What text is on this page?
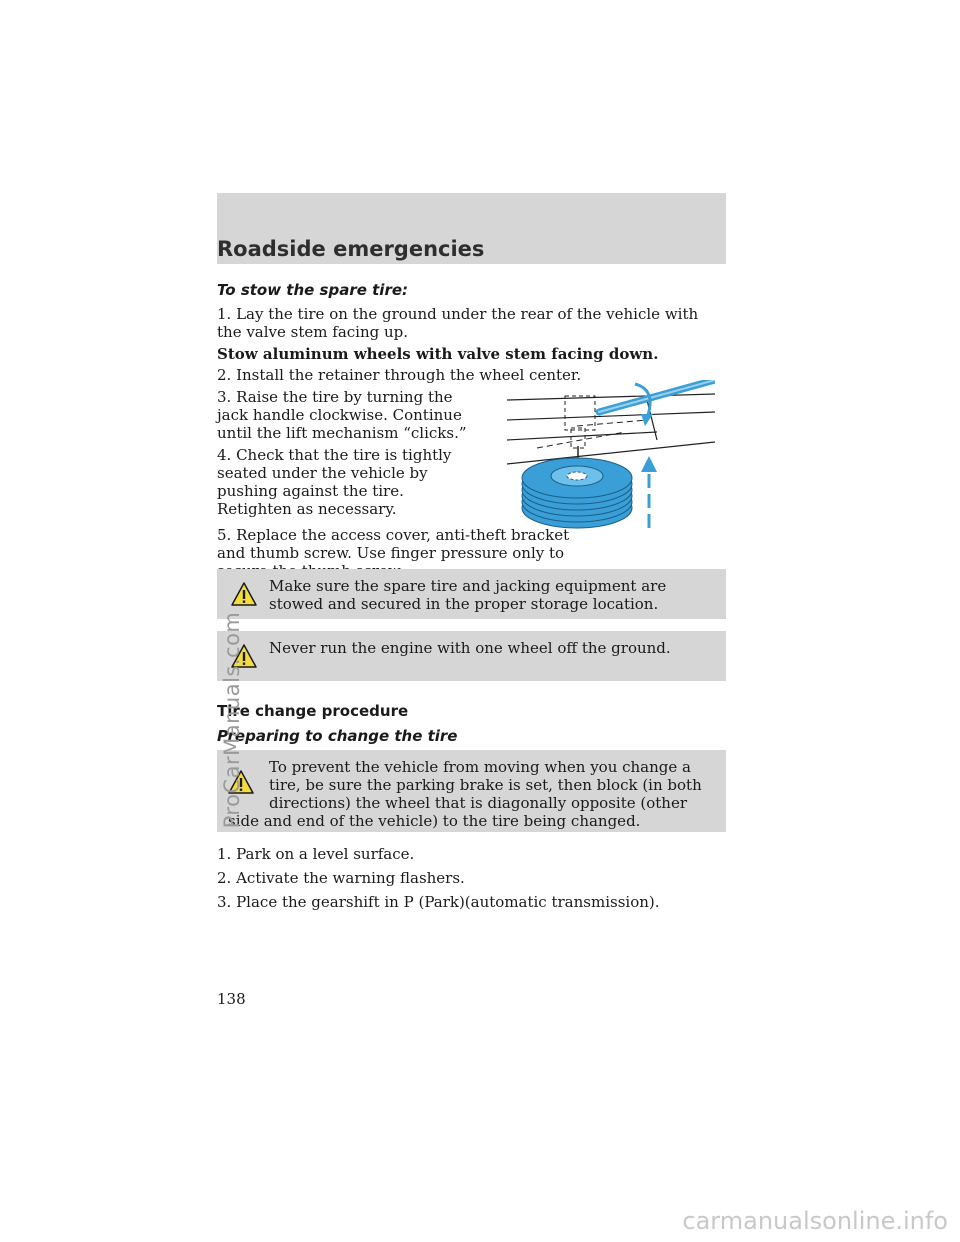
Roadside emergencies
To stow the spare tire:

1. Lay the tire on the ground under the rear of the vehicle with the valve stem facing up.

Stow aluminum wheels with valve stem facing down.

2. Install the retainer through the wheel center.

3. Raise the tire by turning the jack handle clockwise. Continue until the lift mechanism “clicks.”

4. Check that the tire is tightly seated under the vehicle by pushing against the tire. Retighten as necessary.

5. Replace the access cover, anti-theft bracket and thumb screw. Use finger pressure only to

Make sure the spare tire and jacking equipment are stowed and secured in the proper storage location.

Never run the engine with one wheel off the ground.

Tire change procedure
Preparing to change the tire

To prevent the vehicle from moving when you change a tire, be sure the parking brake is set, then block (in both directions) the wheel that is diagonally opposite (other side and end of the vehicle) to the tire being changed.

1. Park on a level surface.

2. Activate the warning flashers.

3. Place the gearshift in P (Park)(automatic transmission).

138
ProCarManuals.com
carmanualsonline.info
